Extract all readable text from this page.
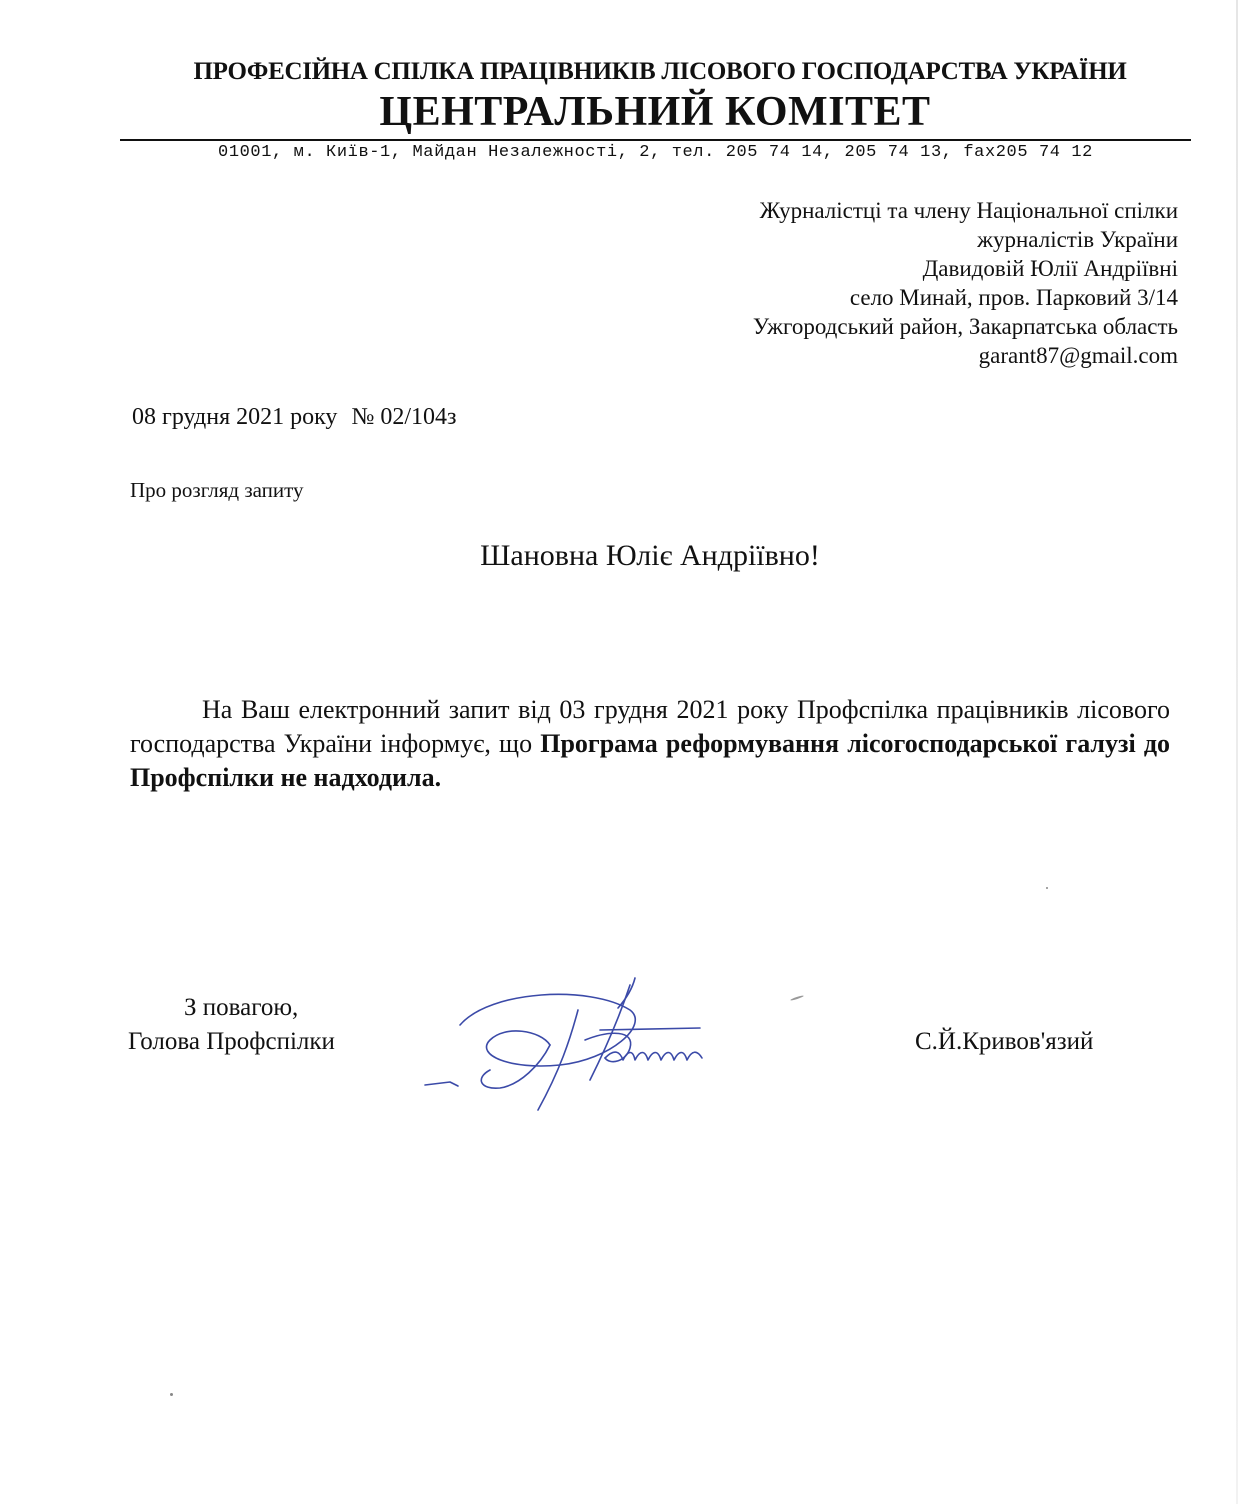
ПРОФЕСІЙНА СПІЛКА ПРАЦІВНИКІВ ЛІСОВОГО ГОСПОДАРСТВА УКРАЇНИ
ЦЕНТРАЛЬНИЙ КОМІТЕТ
01001, м. Київ-1, Майдан Незалежності, 2, тел. 205 74 14, 205 74 13, fax205 74 12
Журналістці та члену Національної спілки
журналістів України
Давидовій Юлії Андріївні
село Минай, пров. Парковий 3/14
Ужгородський район, Закарпатська область
garant87@gmail.com
08 грудня 2021 року № 02/104з
Про розгляд запиту
Шановна Юліє Андріївно!
На Ваш електронний запит від 03 грудня 2021 року Профспілка працівників лісового господарства України інформує, що Програма реформування лісогосподарської галузі до Профспілки не надходила.
З повагою,
Голова Профспілки	С.Й.Кривов'язий
